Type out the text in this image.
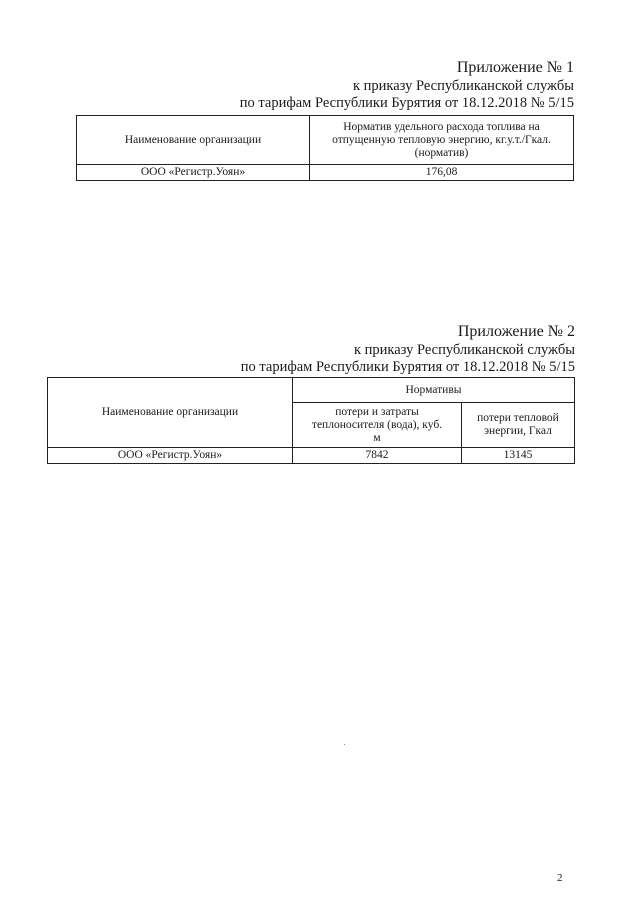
Приложение № 1
к приказу Республиканской службы
по тарифам Республики Бурятия от 18.12.2018 № 5/15
Наименование организации	Норматив удельного расхода топлива на отпущенную тепловую энергию, кг.у.т./Гкал. (норматив)
ООО «Регистр.Уоян»	176,08
Приложение № 2
к приказу Республиканской службы
по тарифам Республики Бурятия от 18.12.2018 № 5/15
Наименование организации	Нормативы	
	потери и затраты теплоносителя (вода), куб. м	потери тепловой энергии, Гкал
ООО «Регистр.Уоян»	7842	13145
2
